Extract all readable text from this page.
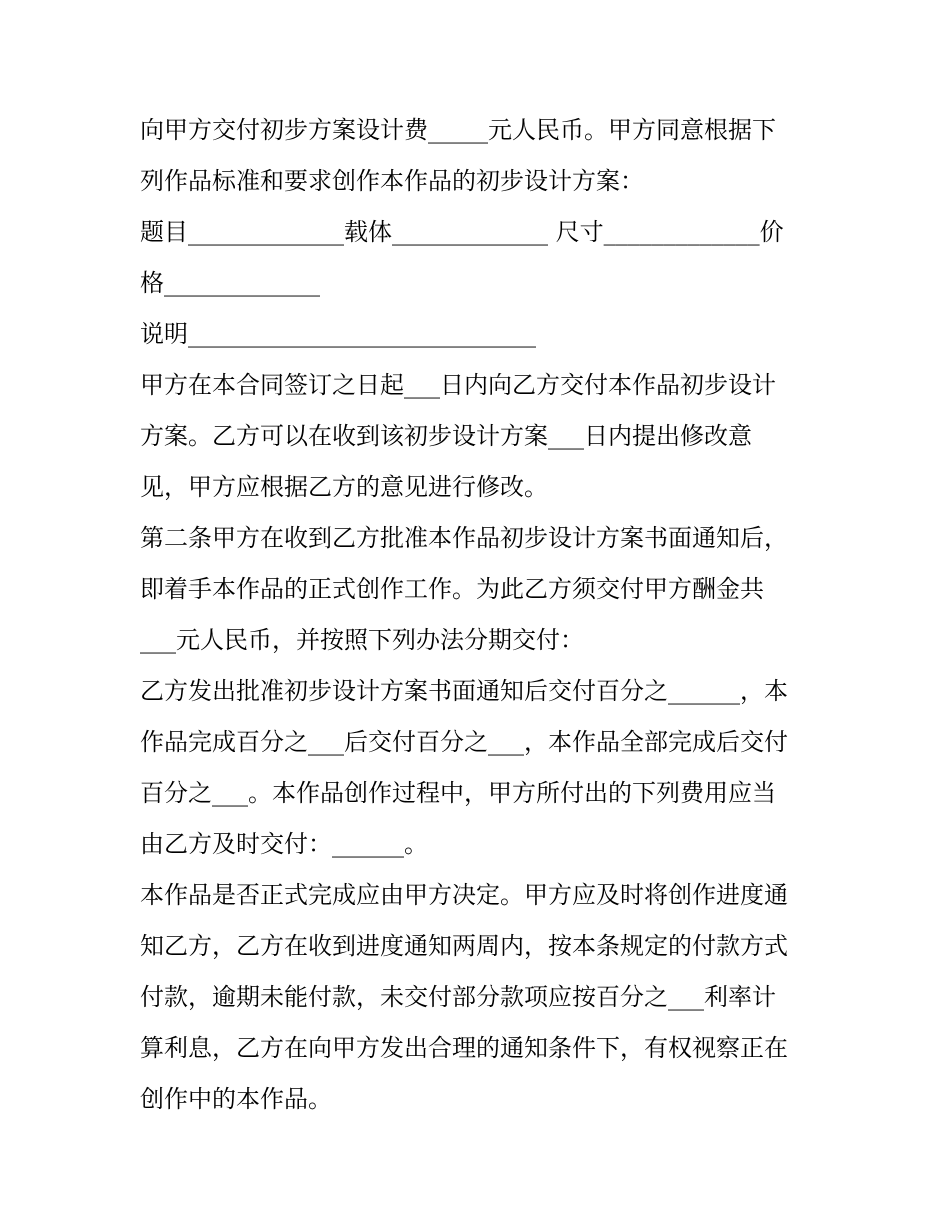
向甲方交付初步方案设计费_____元人民币。甲方同意根据下

列作品标准和要求创作本作品的初步设计方案：

题目_____________载体_____________ 尺寸_____________价

格_____________

说明_____________________________

甲方在本合同签订之日起___日内向乙方交付本作品初步设计

方案。乙方可以在收到该初步设计方案___日内提出修改意

见，甲方应根据乙方的意见进行修改。

第二条甲方在收到乙方批准本作品初步设计方案书面通知后，

即着手本作品的正式创作工作。为此乙方须交付甲方酬金共

___元人民币，并按照下列办法分期交付：

乙方发出批准初步设计方案书面通知后交付百分之______，本

作品完成百分之___后交付百分之___，本作品全部完成后交付

百分之___。本作品创作过程中，甲方所付出的下列费用应当

由乙方及时交付：______。

本作品是否正式完成应由甲方决定。甲方应及时将创作进度通

知乙方，乙方在收到进度通知两周内，按本条规定的付款方式

付款，逾期未能付款，未交付部分款项应按百分之___利率计

算利息，乙方在向甲方发出合理的通知条件下，有权视察正在

创作中的本作品。
